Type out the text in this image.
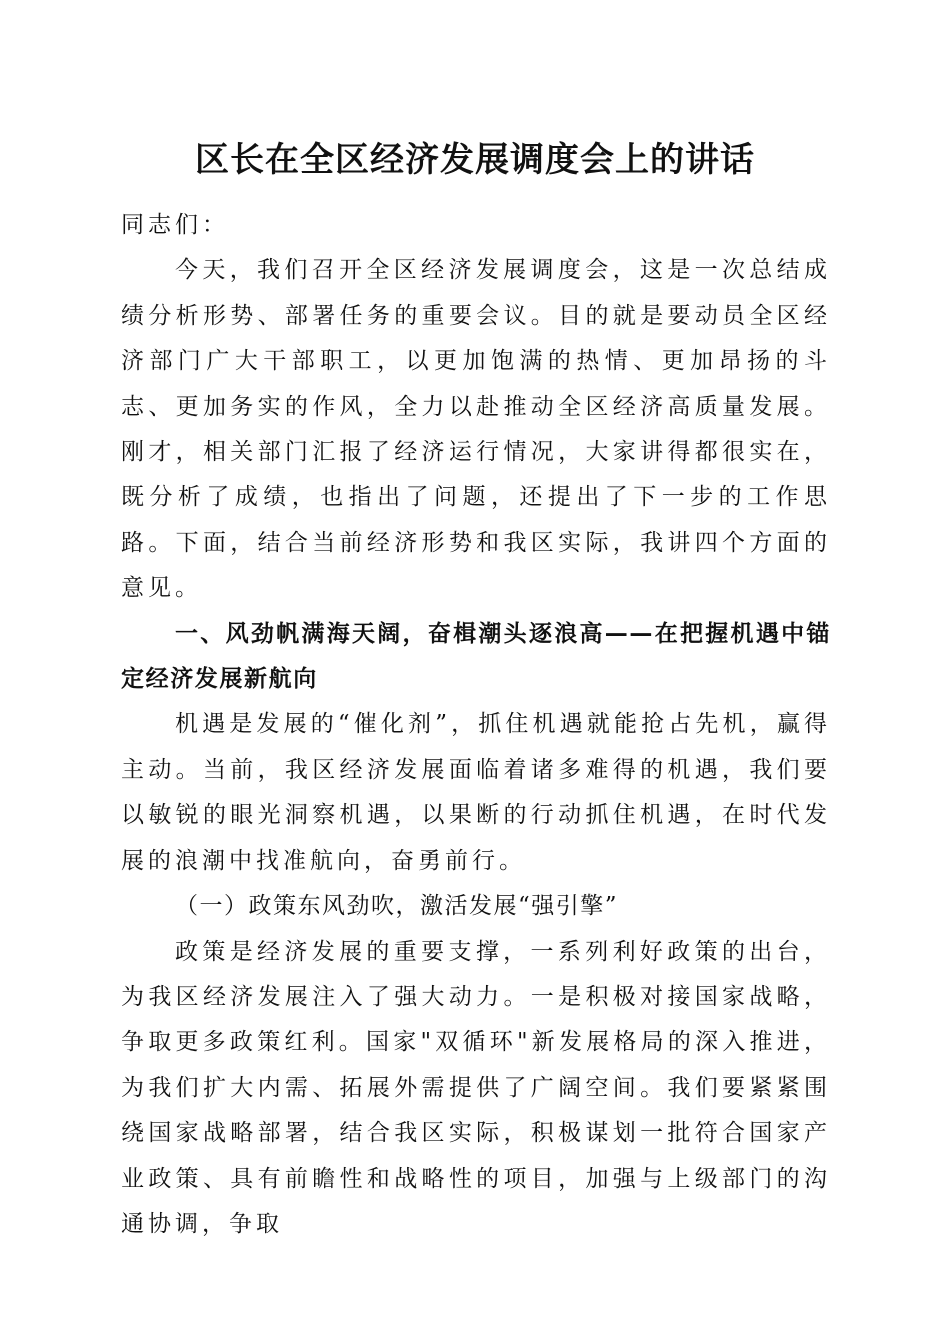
区长在全区经济发展调度会上的讲话

同志们：

今天，我们召开全区经济发展调度会，这是一次总结成绩分析形势、部署任务的重要会议。目的就是要动员全区经济部门广大干部职工，以更加饱满的热情、更加昂扬的斗志、更加务实的作风，全力以赴推动全区经济高质量发展。刚才，相关部门汇报了经济运行情况，大家讲得都很实在，既分析了成绩，也指出了问题，还提出了下一步的工作思路。下面，结合当前经济形势和我区实际，我讲四个方面的意见。

一、风劲帆满海天阔，奋楫潮头逐浪高——在把握机遇中锚定经济发展新航向

机遇是发展的“催化剂”，抓住机遇就能抢占先机，赢得主动。当前，我区经济发展面临着诸多难得的机遇，我们要以敏锐的眼光洞察机遇，以果断的行动抓住机遇，在时代发展的浪潮中找准航向，奋勇前行。

（一）政策东风劲吹，激活发展“强引擎”

政策是经济发展的重要支撑，一系列利好政策的出台，为我区经济发展注入了强大动力。一是积极对接国家战略，争取更多政策红利。国家"双循环"新发展格局的深入推进，为我们扩大内需、拓展外需提供了广阔空间。我们要紧紧围绕国家战略部署，结合我区实际，积极谋划一批符合国家产业政策、具有前瞻性和战略性的项目，加强与上级部门的沟通协调，争取
